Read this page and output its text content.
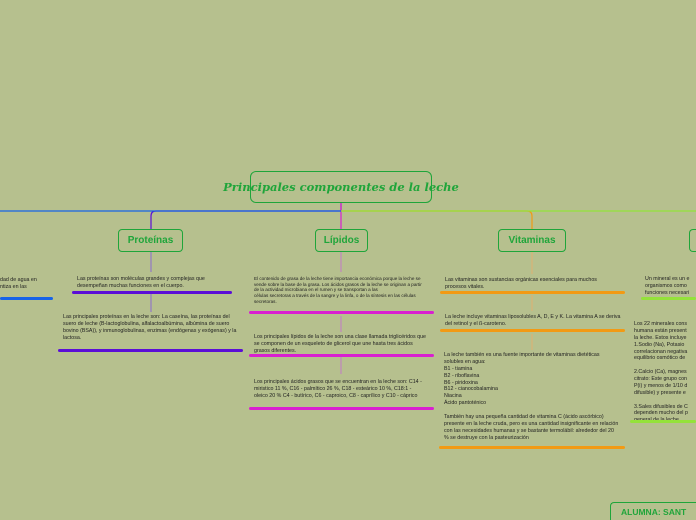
Principales componentes de la leche
Proteínas	Lípidos	Vitaminas
dad de agua en
ntiza en las
Las proteínas son moléculas grandes y complejas que desempeñan muchas funciones en el cuerpo.
Las principales proteínas en la leche son: La caseína, las proteínas del suero de leche (B-lactoglobulina, alfalactoalbúmina, albúmina de suero bovino (BSA)), y inmunoglobulinas, enzimas (endógenas y exógenas) y la lactosa.
El contenido de grasa de la leche tiene importancia económica porque la leche se vende sobre la base de la grasa. Los ácidos grasos de la leche se originan a partir de la actividad microbiana en el rumen y se transportan a las
células secretoras a través de la sangre y la linfa, o de la síntesis en las células secretoras.
Los principales lípidos de la leche son una clase llamada triglicéridos que se componen de un esqueleto de glicerol que une hasta tres ácidos grasos diferentes.
Los principales ácidos grasos que se encuentran en la leche son: C14 -miristico 11 %, C16 - palmítico 26 %, C18 - esteárico 10 %, C18:1 - oleico 20 % C4 - butírico, C6 - caproico, C8 - caprílico y C10 - cáprico
Las vitaminas son sustancias orgánicas esenciales para muchos procesos vitales.
La leche incluye vitaminas liposolubles A, D, E y K. La vitamina A se deriva del retinol y el ß-caroteno.
La leche también es una fuente importante de vitaminas dietéticas solubles en agua:
B1 - tiamina
B2 - riboflavina
B6 - piridoxina
B12 - cianocobalamina
Niacina
Ácido pantoténico

También hay una pequeña cantidad de vitamina C (ácido ascórbico) presente en la leche cruda, pero es una cantidad insignificante en relación con las necesidades humanas y se bastante termolábil: alrededor del 20 % se destruye con la pasteurización
Un mineral es un e
organismos como
funciones necesari
Los 22 minerales cons
humana están present
la leche. Estos incluye
1.Sodio (Na), Potasio
correlacionan negativa
equilibrio osmótico de

2.Calcio (Ca), magnes
citrato: Este grupo con
P(i) y menos de 1/10 d
difusible) y presente e

3.Sales difusibles de C
dependen mucho del p

ALUMNA: SANT
